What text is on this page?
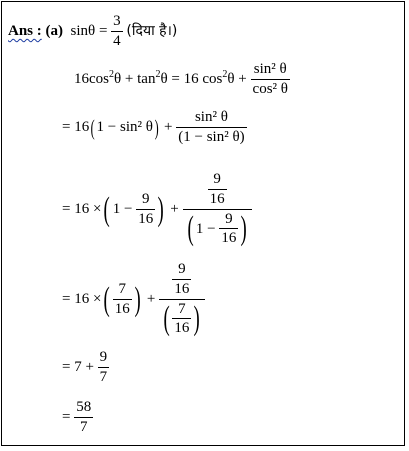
Ans : (a) $\sin\theta = \frac{3}{4}$ (दिया है।)
$16\cos^2\theta + \tan^2\theta = 16$ $\cos^2\theta + \frac{\text{sin² θ}}{\text{cos² θ}}$
= 16( 1 − sin² $\theta) + \frac{\text{sin² θ}}{\text{(1 − sin² θ)}}$
= 16 ×( $1 - \frac{9}{16}$ ) + $\frac{\frac{9}{16}}{( 1 - \frac{9}{16} )}$
= 16 ×( $\frac{7}{16}$ ) + $\frac{\frac{9}{16}}{( \frac{7}{16} )}$
= $7 + \frac{9}{7}$
= $\frac{58}{7}$
